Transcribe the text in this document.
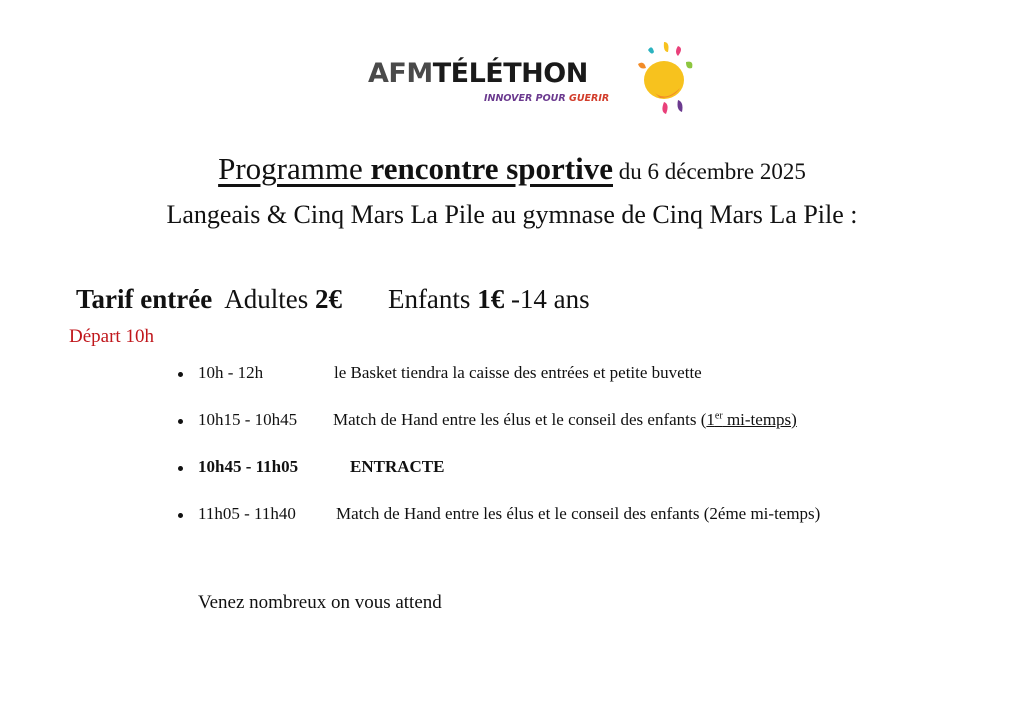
AFMTÉLÉTHON
INNOVER POUR GUERIR
Programme rencontre sportive du 6 décembre 2025
Langeais & Cinq Mars La Pile au gymnase de Cinq Mars La Pile :
Tarif entrée Adultes 2€ Enfants 1€ -14 ans
Départ 10h
10h - 12h	le Basket tiendra la caisse des entrées et petite buvette
10h15 - 10h45 Match de Hand entre les élus et le conseil des enfants (1er mi-temps)
10h45 - 11h05	ENTRACTE
11h05 - 11h40 Match de Hand entre les élus et le conseil des enfants (2éme mi-temps)
Venez nombreux on vous attend
